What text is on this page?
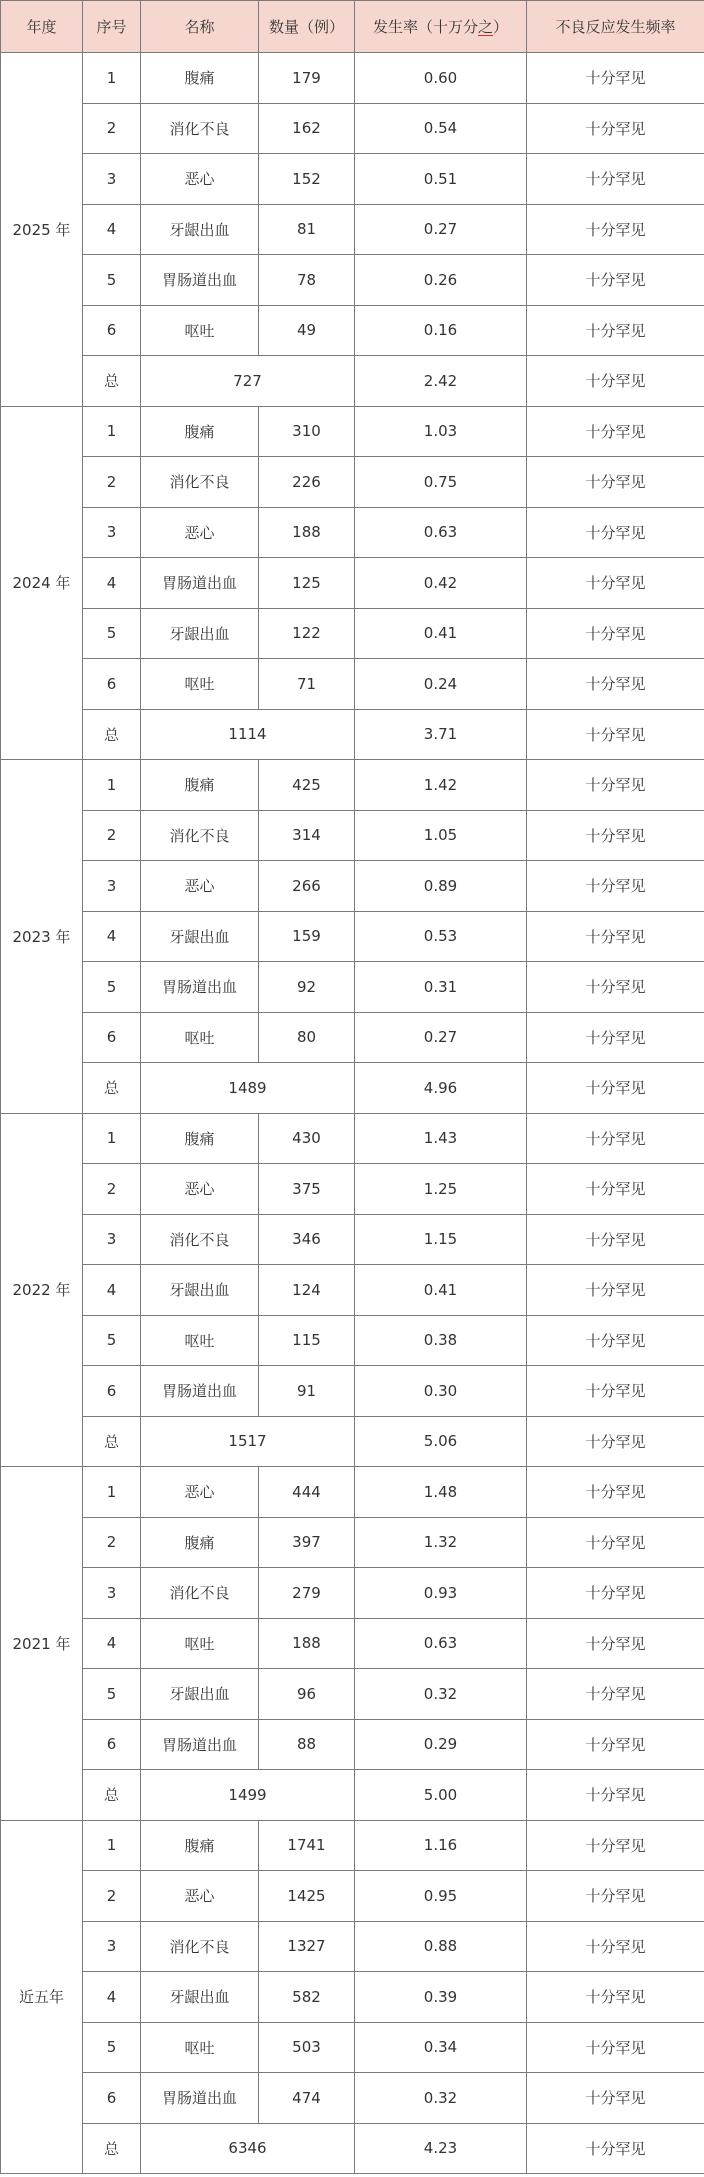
年度	序号	名称	数量（例）	发生率（十万分之）	不良反应发生频率
2025 年	1	腹痛	179	0.60	十分罕见
	2	消化不良	162	0.54	十分罕见
	3	恶心	152	0.51	十分罕见
	4	牙龈出血	81	0.27	十分罕见
	5	胃肠道出血	78	0.26	十分罕见
	6	呕吐	49	0.16	十分罕见
	总	727		2.42	十分罕见
2024 年	1	腹痛	310	1.03	十分罕见
	2	消化不良	226	0.75	十分罕见
	3	恶心	188	0.63	十分罕见
	4	胃肠道出血	125	0.42	十分罕见
	5	牙龈出血	122	0.41	十分罕见
	6	呕吐	71	0.24	十分罕见
	总	1114		3.71	十分罕见
2023 年	1	腹痛	425	1.42	十分罕见
	2	消化不良	314	1.05	十分罕见
	3	恶心	266	0.89	十分罕见
	4	牙龈出血	159	0.53	十分罕见
	5	胃肠道出血	92	0.31	十分罕见
	6	呕吐	80	0.27	十分罕见
	总	1489		4.96	十分罕见
2022 年	1	腹痛	430	1.43	十分罕见
	2	恶心	375	1.25	十分罕见
	3	消化不良	346	1.15	十分罕见
	4	牙龈出血	124	0.41	十分罕见
	5	呕吐	115	0.38	十分罕见
	6	胃肠道出血	91	0.30	十分罕见
	总	1517		5.06	十分罕见
2021 年	1	恶心	444	1.48	十分罕见
	2	腹痛	397	1.32	十分罕见
	3	消化不良	279	0.93	十分罕见
	4	呕吐	188	0.63	十分罕见
	5	牙龈出血	96	0.32	十分罕见
	6	胃肠道出血	88	0.29	十分罕见
	总	1499		5.00	十分罕见
近五年	1	腹痛	1741	1.16	十分罕见
	2	恶心	1425	0.95	十分罕见
	3	消化不良	1327	0.88	十分罕见
	4	牙龈出血	582	0.39	十分罕见
	5	呕吐	503	0.34	十分罕见
	6	胃肠道出血	474	0.32	十分罕见
	总	6346		4.23	十分罕见
